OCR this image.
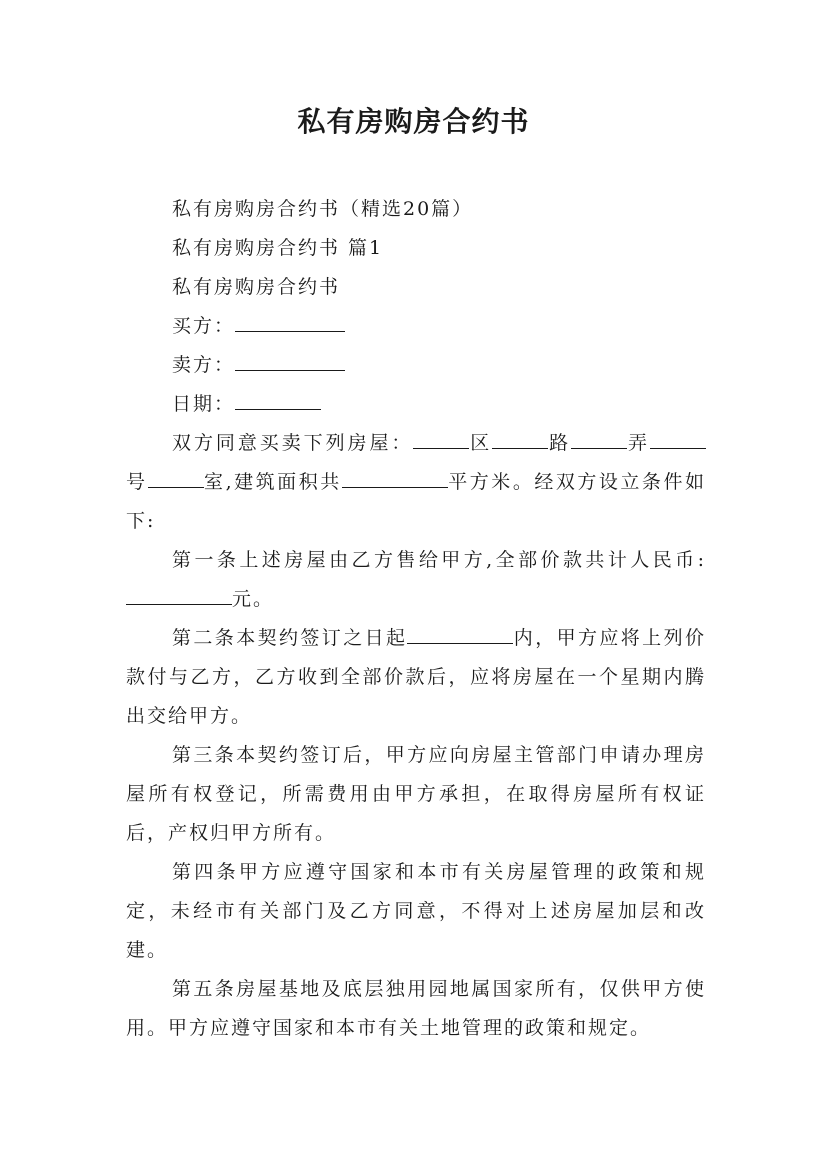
私有房购房合约书

私有房购房合约书（精选20篇）

私有房购房合约书 篇1

私有房购房合约书

买方：

卖方：

日期：

双方同意买卖下列房屋：	区	路	弄号	室,建筑面积共	平方米。经双方设立条件如下:

第一条上述房屋由乙方售给甲方,全部价款共计人民币:元。

第二条本契约签订之日起	内，甲方应将上列价款付与乙方，乙方收到全部价款后，应将房屋在一个星期内腾出交给甲方。

第三条本契约签订后，甲方应向房屋主管部门申请办理房屋所有权登记，所需费用由甲方承担，在取得房屋所有权证后，产权归甲方所有。

第四条甲方应遵守国家和本市有关房屋管理的政策和规定，未经市有关部门及乙方同意，不得对上述房屋加层和改建。

第五条房屋基地及底层独用园地属国家所有，仅供甲方使用。甲方应遵守国家和本市有关土地管理的政策和规定。
